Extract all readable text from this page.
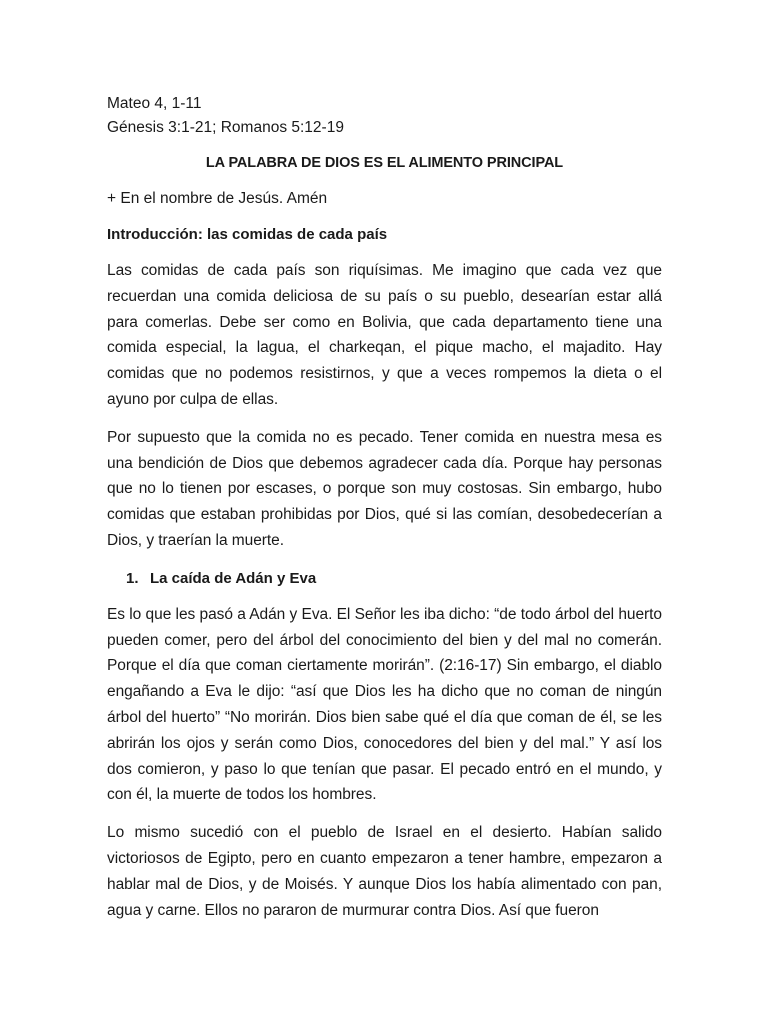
Mateo 4, 1-11
Génesis 3:1-21; Romanos 5:12-19
LA PALABRA DE DIOS ES EL ALIMENTO PRINCIPAL
+ En el nombre de Jesús. Amén
Introducción: las comidas de cada país

Las comidas de cada país son riquísimas. Me imagino que cada vez que recuerdan una comida deliciosa de su país o su pueblo, desearían estar allá para comerlas. Debe ser como en Bolivia, que cada departamento tiene una comida especial, la lagua, el charkeqan, el pique macho, el majadito. Hay comidas que no podemos resistirnos, y que a veces rompemos la dieta o el ayuno por culpa de ellas.

Por supuesto que la comida no es pecado. Tener comida en nuestra mesa es una bendición de Dios que debemos agradecer cada día. Porque hay personas que no lo tienen por escases, o porque son muy costosas. Sin embargo, hubo comidas que estaban prohibidas por Dios, qué si las comían, desobedecerían a Dios, y traerían la muerte.

1. La caída de Adán y Eva

Es lo que les pasó a Adán y Eva. El Señor les iba dicho: “de todo árbol del huerto pueden comer, pero del árbol del conocimiento del bien y del mal no comerán. Porque el día que coman ciertamente morirán”. (2:16-17) Sin embargo, el diablo engañando a Eva le dijo: “así que Dios les ha dicho que no coman de ningún árbol del huerto” “No morirán. Dios bien sabe qué el día que coman de él, se les abrirán los ojos y serán como Dios, conocedores del bien y del mal.” Y así los dos comieron, y paso lo que tenían que pasar. El pecado entró en el mundo, y con él, la muerte de todos los hombres.

Lo mismo sucedió con el pueblo de Israel en el desierto. Habían salido victoriosos de Egipto, pero en cuanto empezaron a tener hambre, empezaron a hablar mal de Dios, y de Moisés. Y aunque Dios los había alimentado con pan, agua y carne. Ellos no pararon de murmurar contra Dios. Así que fueron
